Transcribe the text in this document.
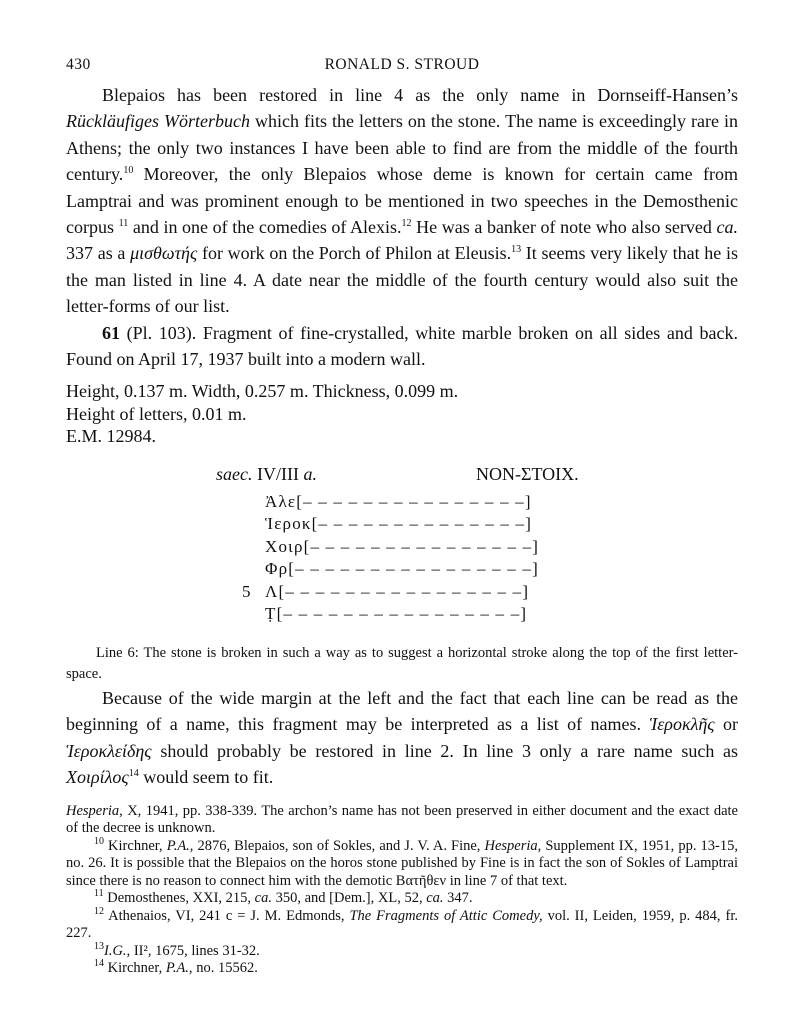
430	RONALD S. STROUD

Blepaios has been restored in line 4 as the only name in Dornseiff-Hansen’s Rückläufiges Wörterbuch which fits the letters on the stone. The name is exceedingly rare in Athens; the only two instances I have been able to find are from the middle of the fourth century.$^{10}$ Moreover, the only Blepaios whose deme is known for certain came from Lamptrai and was prominent enough to be mentioned in two speeches in the Demosthenic corpus $^{11}$ and in one of the comedies of Alexis.$^{12}$ He was a banker of note who also served ca. 337 as a μισθωτής for work on the Porch of Philon at Eleusis.$^{13}$ It seems very likely that he is the man listed in line 4. A date near the middle of the fourth century would also suit the letter-forms of our list.

61 (Pl. 103). Fragment of fine-crystalled, white marble broken on all sides and back. Found on April 17, 1937 built into a modern wall.

Height, 0.137 m. Width, 0.257 m. Thickness, 0.099 m.
Height of letters, 0.01 m.
E.M. 12984.
saec. IV/III a.	NON-ΣΤΟΙΧ.
Ἀλε[– – – – – – – – – – – – – – –]
Ἱεροκ[– – – – – – – – – – – – – –]
Χοιρ[– – – – – – – – – – – – – – –]
Φρ[– – – – – – – – – – – – – – – –]
5 Λ[– – – – – – – – – – – – – – – –]
Ṭ[– – – – – – – – – – – – – – – –]
Line 6: The stone is broken in such a way as to suggest a horizontal stroke along the top of the first letter-space.

Because of the wide margin at the left and the fact that each line can be read as the beginning of a name, this fragment may be interpreted as a list of names. Ἱεροκλῆς or Ἱεροκλείδης should probably be restored in line 2. In line 3 only a rare name such as Χοιρίλος$^{14}$ would seem to fit.

Hesperia, X, 1941, pp. 338-339. The archon’s name has not been preserved in either document and the exact date of the decree is unknown.
$^{10}$ Kirchner, P.A., 2876, Blepaios, son of Sokles, and J. V. A. Fine, Hesperia, Supplement IX, 1951, pp. 13-15, no. 26. It is possible that the Blepaios on the horos stone published by Fine is in fact the son of Sokles of Lamptrai since there is no reason to connect him with the demotic Βατῆθεν in line 7 of that text.
$^{11}$ Demosthenes, XXI, 215, ca. 350, and [Dem.], XL, 52, ca. 347.
$^{12}$ Athenaios, VI, 241 c = J. M. Edmonds, The Fragments of Attic Comedy, vol. II, Leiden, 1959, p. 484, fr. 227.
$^{13}$I.G., II², 1675, lines 31-32.
$^{14}$ Kirchner, P.A., no. 15562.
